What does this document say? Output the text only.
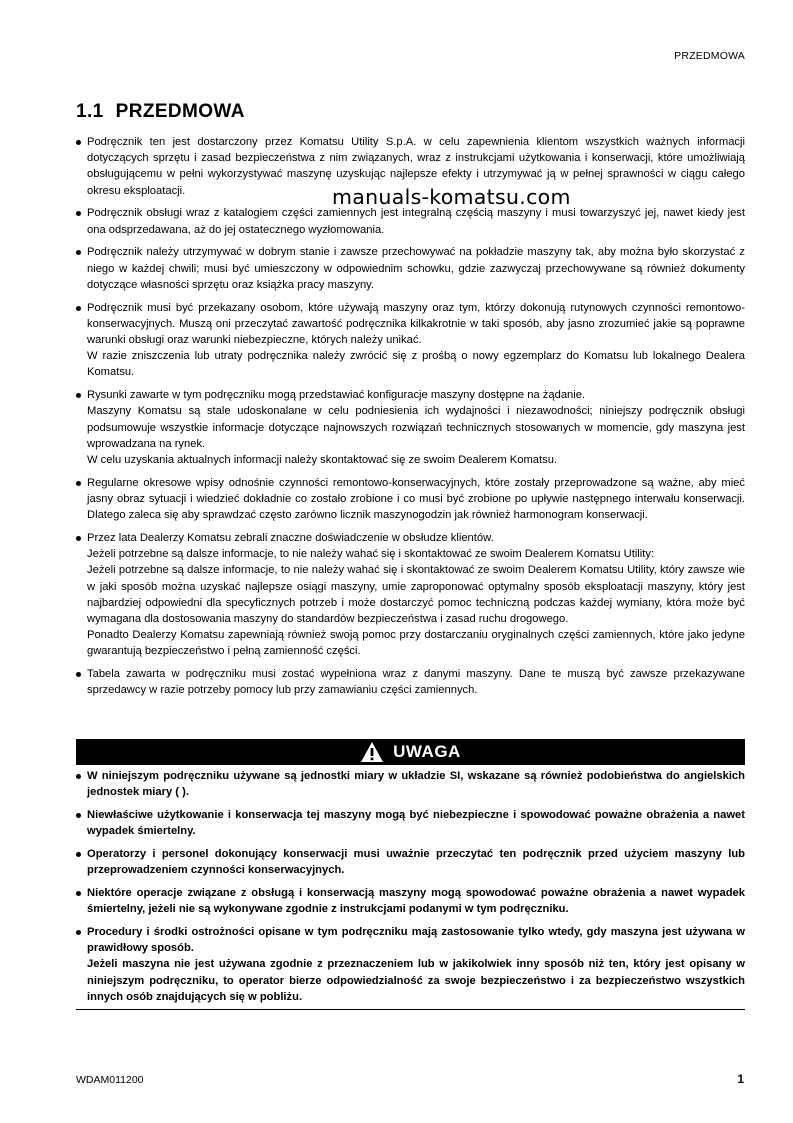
PRZEDMOWA
1.1 PRZEDMOWA

Podręcznik ten jest dostarczony przez Komatsu Utility S.p.A. w celu zapewnienia klientom wszystkich ważnych informacji dotyczących sprzętu i zasad bezpieczeństwa z nim związanych, wraz z instrukcjami użytkowania i konserwacji, które umożliwiają obsługującemu w pełni wykorzystywać maszynę uzyskując najlepsze efekty i utrzymywać ją w pełnej sprawności w ciągu całego okresu eksploatacji.

Podręcznik obsługi wraz z katalogiem części zamiennych jest integralną częścią maszyny i musi towarzyszyć jej, nawet kiedy jest ona odsprzedawana, aż do jej ostatecznego wyzłomowania.

Podręcznik należy utrzymywać w dobrym stanie i zawsze przechowywać na pokładzie maszyny tak, aby można było skorzystać z niego w każdej chwili; musi być umieszczony w odpowiednim schowku, gdzie zazwyczaj przechowywane są również dokumenty dotyczące własności sprzętu oraz książka pracy maszyny.

Podręcznik musi być przekazany osobom, które używają maszyny oraz tym, którzy dokonują rutynowych czynności remontowo-konserwacyjnych. Muszą oni przeczytać zawartość podręcznika kilkakrotnie w taki sposób, aby jasno zrozumieć jakie są poprawne warunki obsługi oraz warunki niebezpieczne, których należy unikać.

W razie zniszczenia lub utraty podręcznika należy zwrócić się z prośbą o nowy egzemplarz do Komatsu lub lokalnego Dealera Komatsu.

Rysunki zawarte w tym podręczniku mogą przedstawiać konfiguracje maszyny dostępne na żądanie.

Maszyny Komatsu są stale udoskonalane w celu podniesienia ich wydajności i niezawodności; niniejszy podręcznik obsługi podsumowuje wszystkie informacje dotyczące najnowszych rozwiązań technicznych stosowanych w momencie, gdy maszyna jest wprowadzana na rynek.

W celu uzyskania aktualnych informacji należy skontaktować się ze swoim Dealerem Komatsu.

Regularne okresowe wpisy odnośnie czynności remontowo-konserwacyjnych, które zostały przeprowadzone są ważne, aby mieć jasny obraz sytuacji i wiedzieć dokładnie co zostało zrobione i co musi być zrobione po upływie następnego interwału konserwacji. Dlatego zaleca się aby sprawdzać często zarówno licznik maszynogodzin jak również harmonogram konserwacji.

Przez lata Dealerzy Komatsu zebrali znaczne doświadczenie w obsłudze klientów.

Jeżeli potrzebne są dalsze informacje, to nie należy wahać się i skontaktować ze swoim Dealerem Komatsu Utility:

Jeżeli potrzebne są dalsze informacje, to nie należy wahać się i skontaktować ze swoim Dealerem Komatsu Utility, który zawsze wie w jaki sposób można uzyskać najlepsze osiągi maszyny, umie zaproponować optymalny sposób eksploatacji maszyny, który jest najbardziej odpowiedni dla specyficznych potrzeb i może dostarczyć pomoc techniczną podczas każdej wymiany, która może być wymagana dla dostosowania maszyny do standardów bezpieczeństwa i zasad ruchu drogowego.

Ponadto Dealerzy Komatsu zapewniają również swoją pomoc przy dostarczaniu oryginalnych części zamiennych, które jako jedyne gwarantują bezpieczeństwo i pełną zamienność części.

Tabela zawarta w podręczniku musi zostać wypełniona wraz z danymi maszyny. Dane te muszą być zawsze przekazywane sprzedawcy w razie potrzeby pomocy lub przy zamawianiu części zamiennych.

UWAGA

W niniejszym podręczniku używane są jednostki miary w układzie SI, wskazane są również podobieństwa do angielskich jednostek miary ( ).

Niewłaściwe użytkowanie i konserwacja tej maszyny mogą być niebezpieczne i spowodować poważne obrażenia a nawet wypadek śmiertelny.

Operatorzy i personel dokonujący konserwacji musi uważnie przeczytać ten podręcznik przed użyciem maszyny lub przeprowadzeniem czynności konserwacyjnych.

Niektóre operacje związane z obsługą i konserwacją maszyny mogą spowodować poważne obrażenia a nawet wypadek śmiertelny, jeżeli nie są wykonywane zgodnie z instrukcjami podanymi w tym podręczniku.

Procedury i środki ostrożności opisane w tym podręczniku mają zastosowanie tylko wtedy, gdy maszyna jest używana w prawidłowy sposób.

Jeżeli maszyna nie jest używana zgodnie z przeznaczeniem lub w jakikolwiek inny sposób niż ten, który jest opisany w niniejszym podręczniku, to operator bierze odpowiedzialność za swoje bezpieczeństwo i za bezpieczeństwo wszystkich innych osób znajdujących się w pobliżu.

WDAM011200	1
manuals-komatsu.com
